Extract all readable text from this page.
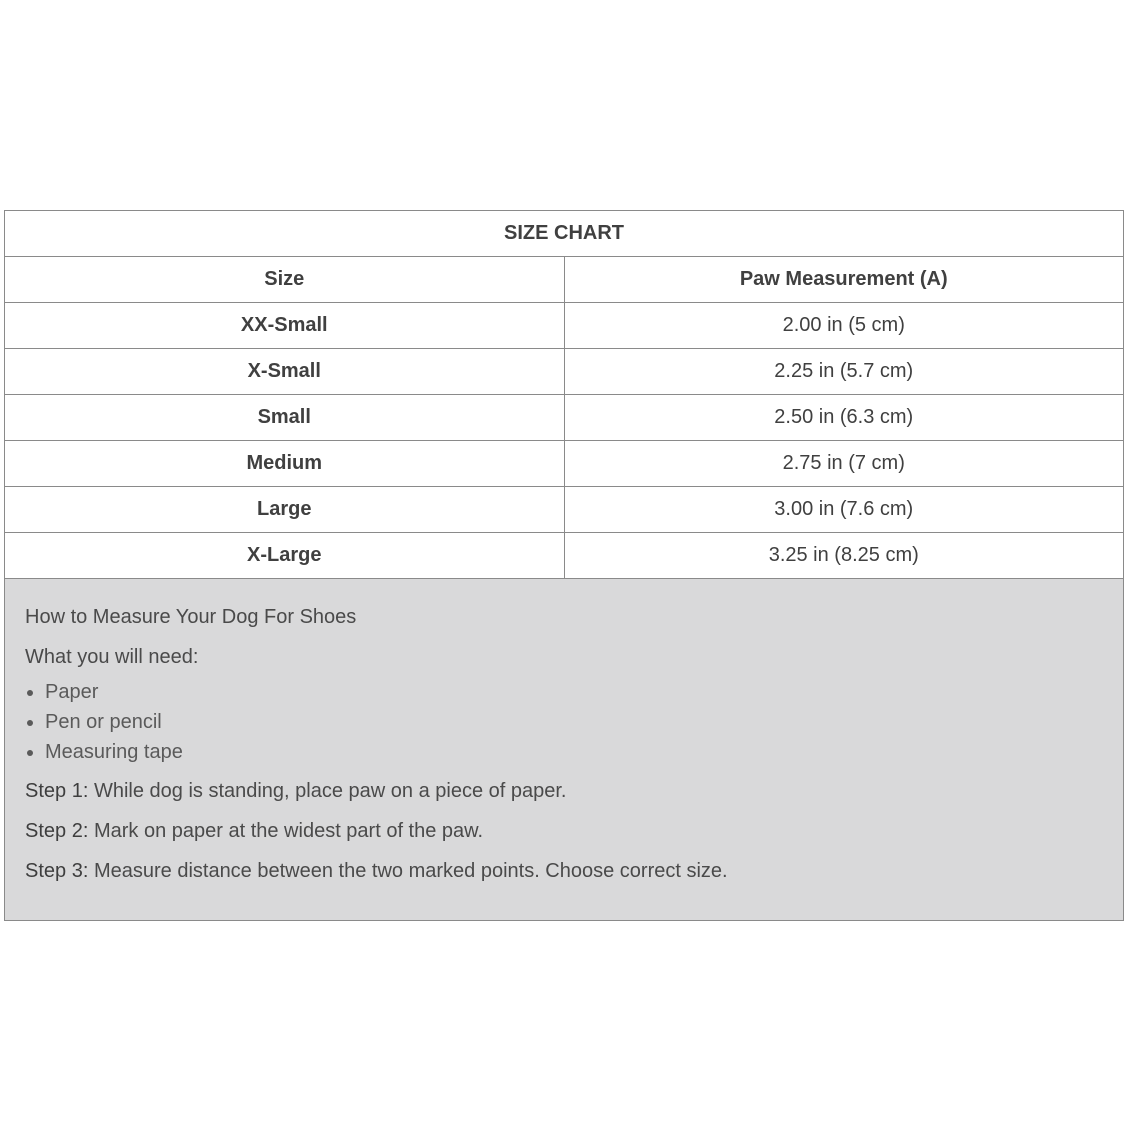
SIZE CHART	
Size	Paw Measurement (A)
XX-Small	2.00 in (5 cm)
X-Small	2.25 in (5.7 cm)
Small	2.50 in (6.3 cm)
Medium	2.75 in (7 cm)
Large	3.00 in (7.6 cm)
X-Large	3.25 in (8.25 cm)

How to Measure Your Dog For Shoes

What you will need:

• Paper
• Pen or pencil
• Measuring tape

Step 1: While dog is standing, place paw on a piece of paper.

Step 2: Mark on paper at the widest part of the paw.

Step 3: Measure distance between the two marked points. Choose correct size.
